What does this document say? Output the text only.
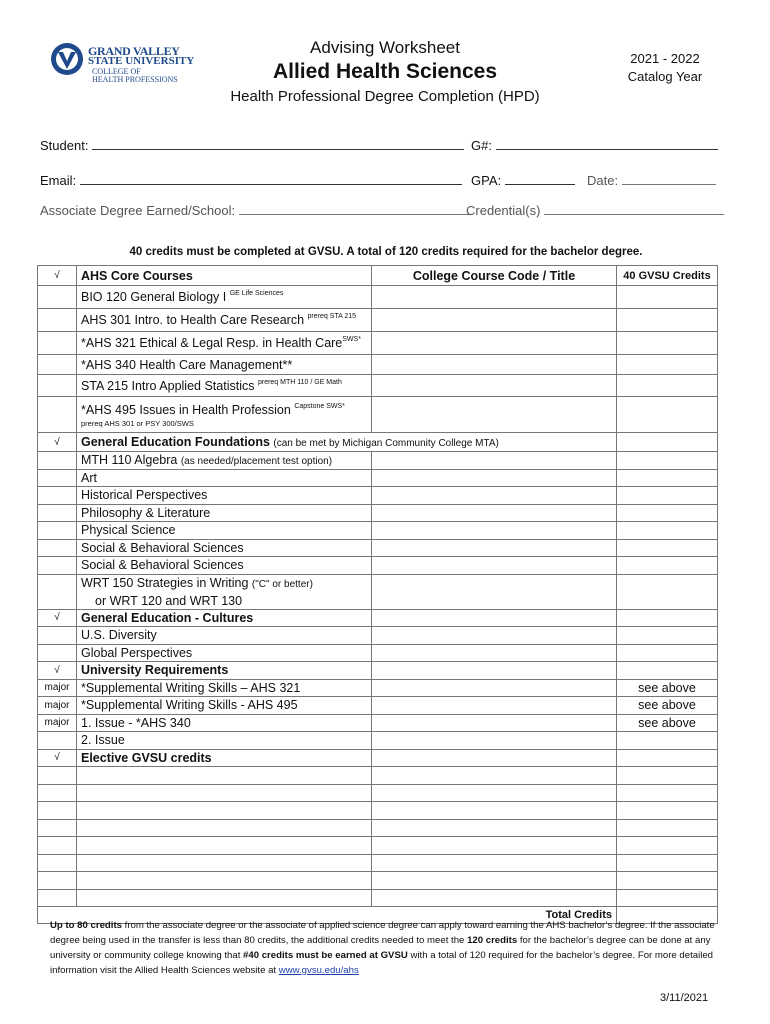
GRAND VALLEY
STATE UNIVERSITY
COLLEGE OF
HEALTH PROFESSIONS
Advising Worksheet
Allied Health Sciences
Health Professional Degree Completion (HPD)
2021 - 2022
Catalog Year
Student:	G#:
Email:	GPA:	Date:
Associate Degree Earned/School:	Credential(s)
40 credits must be completed at GVSU. A total of 120 credits required for the bachelor degree.
√	AHS Core Courses	College Course Code / Title	40 GVSU Credits
	BIO 120 General Biology I $^{GE Life Sciences}$		
	AHS 301 Intro. to Health Care Research $^{prereq STA 215}$		
	*AHS 321 Ethical & Legal Resp. in Health Care$^{SWS*}$		
	*AHS 340 Health Care Management**		
	STA 215 Intro Applied Statistics $^{prereq MTH 110 / GE Math}$		

	*AHS 495 Issues in Health Profession $^{Capstone SWS*}$
prereq AHS 301 or PSY 300/SWS		

√	General Education Foundations (can be met by Michigan Community College MTA)		
	MTH 110 Algebra (as needed/placement test option)		
	Art		
	Historical Perspectives		
	Philosophy & Literature		
	Physical Science		
	Social & Behavioral Sciences		
	Social & Behavioral Sciences		

	WRT 150 Strategies in Writing ("C" or better)
or WRT 120 and WRT 130		

√	General Education - Cultures		
	U.S. Diversity		
	Global Perspectives		
√	University Requirements		
major	*Supplemental Writing Skills – AHS 321		see above
major	*Supplemental Writing Skills - AHS 495		see above
major	1. Issue - *AHS 340		see above
	2. Issue		
√	Elective GVSU credits		

Total Credits			
Up to 80 credits from the associate degree or the associate of applied science degree can apply toward earning the AHS bachelor’s degree. If the associate degree being used in the transfer is less than 80 credits, the additional credits needed to meet the 120 credits for the bachelor’s degree can be done at any university or community college knowing that #40 credits must be earned at GVSU with a total of 120 required for the bachelor’s degree. For more detailed information visit the Allied Health Sciences website at www.gvsu.edu/ahs
3/11/2021
